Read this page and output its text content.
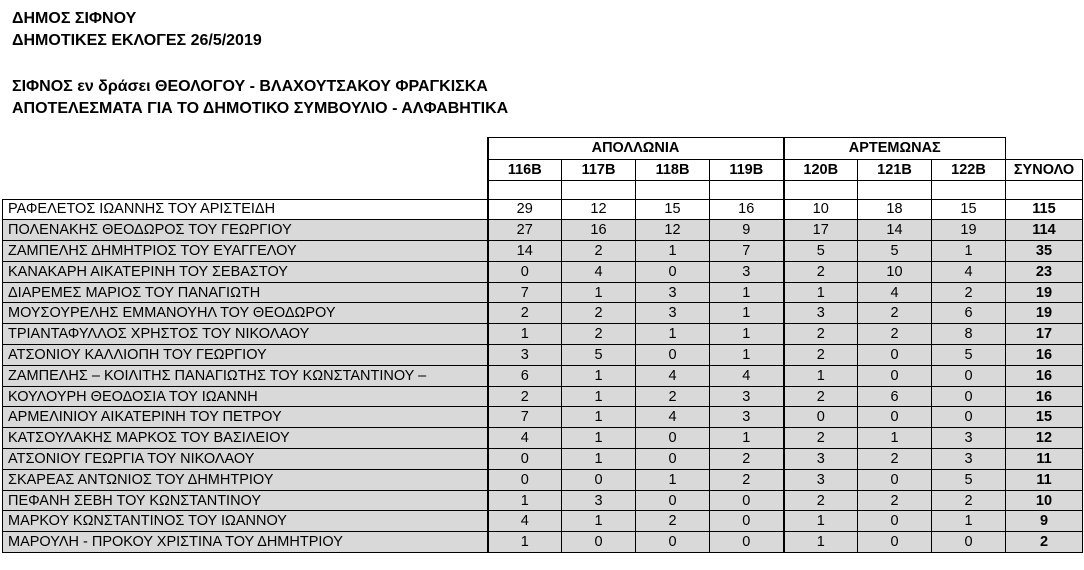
ΔΗΜΟΣ ΣΙΦΝΟΥ
ΔΗΜΟΤΙΚΕΣ ΕΚΛΟΓΕΣ 26/5/2019
ΣΙΦΝΟΣ εν δράσει ΘΕΟΛΟΓΟΥ - ΒΛΑΧΟΥΤΣΑΚΟΥ ΦΡΑΓΚΙΣΚΑ
ΑΠΟΤΕΛΕΣΜΑΤΑ ΓΙΑ ΤΟ ΔΗΜΟΤΙΚΟ ΣΥΜΒΟΥΛΙΟ - ΑΛΦΑΒΗΤΙΚΑ
	ΑΠΟΛΛΩΝΙΑ				ΑΡΤΕΜΩΝΑΣ			
	116B	117B	118B	119B	120B	121B	122B	ΣΥΝΟΛΟ

ΡΑΦΕΛΕΤΟΣ ΙΩΑΝΝΗΣ ΤΟΥ ΑΡΙΣΤΕΙΔΗ	29	12	15	16	10	18	15	115
ΠΟΛΕΝΑΚΗΣ ΘΕΟΔΩΡΟΣ ΤΟΥ ΓΕΩΡΓΙΟΥ	27	16	12	9	17	14	19	114
ΖΑΜΠΕΛΗΣ ΔΗΜΗΤΡΙΟΣ ΤΟΥ ΕΥΑΓΓΕΛΟΥ	14	2	1	7	5	5	1	35
ΚΑΝΑΚΑΡΗ ΑΙΚΑΤΕΡΙΝΗ ΤΟΥ ΣΕΒΑΣΤΟΥ	0	4	0	3	2	10	4	23
ΔΙΑΡΕΜΕΣ ΜΑΡΙΟΣ ΤΟΥ ΠΑΝΑΓΙΩΤΗ	7	1	3	1	1	4	2	19
ΜΟΥΣΟΥΡΕΛΗΣ ΕΜΜΑΝΟΥΗΛ ΤΟΥ ΘΕΟΔΩΡΟΥ	2	2	3	1	3	2	6	19
ΤΡΙΑΝΤΑΦΥΛΛΟΣ ΧΡΗΣΤΟΣ ΤΟΥ ΝΙΚΟΛΑΟΥ	1	2	1	1	2	2	8	17
ΑΤΣΟΝΙΟΥ ΚΑΛΛΙΟΠΗ ΤΟΥ ΓΕΩΡΓΙΟΥ	3	5	0	1	2	0	5	16
ΖΑΜΠΕΛΗΣ – ΚΟΙΛΙΤΗΣ ΠΑΝΑΓΙΩΤΗΣ ΤΟΥ ΚΩΝΣΤΑΝΤΙΝΟΥ –	6	1	4	4	1	0	0	16
ΚΟΥΛΟΥΡΗ ΘΕΟΔΟΣΙΑ ΤΟΥ ΙΩΑΝΝΗ	2	1	2	3	2	6	0	16
ΑΡΜΕΛΙΝΙΟΥ ΑΙΚΑΤΕΡΙΝΗ ΤΟΥ ΠΕΤΡΟΥ	7	1	4	3	0	0	0	15
ΚΑΤΣΟΥΛΑΚΗΣ ΜΑΡΚΟΣ ΤΟΥ ΒΑΣΙΛΕΙΟΥ	4	1	0	1	2	1	3	12
ΑΤΣΟΝΙΟΥ ΓΕΩΡΓΙΑ ΤΟΥ ΝΙΚΟΛΑΟΥ	0	1	0	2	3	2	3	11
ΣΚΑΡΕΑΣ ΑΝΤΩΝΙΟΣ ΤΟΥ ΔΗΜΗΤΡΙΟΥ	0	0	1	2	3	0	5	11
ΠΕΦΑΝΗ ΣΕΒΗ ΤΟΥ ΚΩΝΣΤΑΝΤΙΝΟΥ	1	3	0	0	2	2	2	10
ΜΑΡΚΟΥ ΚΩΝΣΤΑΝΤΙΝΟΣ ΤΟΥ ΙΩΑΝΝΟΥ	4	1	2	0	1	0	1	9
ΜΑΡΟΥΛΗ - ΠΡΟΚΟΥ ΧΡΙΣΤΙΝΑ ΤΟΥ ΔΗΜΗΤΡΙΟΥ	1	0	0	0	1	0	0	2
